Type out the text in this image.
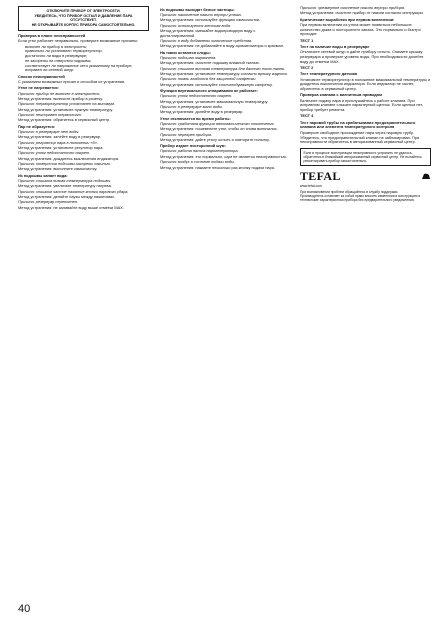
ОТКЛЮЧИТЕ ПРИБОР ОТ ЭЛЕКТРОСЕТИ.

УБЕДИТЕСЬ, ЧТО ПРИБОР ОСТЫЛ И ДАВЛЕНИЕ ПАРА ОТСУТСТВУЕТ.

НЕ ОТКРЫВАЙТЕ КОРПУС ПРИБОРА САМОСТОЯТЕЛЬНО.

Проверка в плане неисправностей

Если утюг работает неправильно, проверьте возможные причины:

• включен ли прибор в электросеть;
• правильно ли установлен терморегулятор;
• достаточно ли воды в резервуаре;
• не засорены ли отверстия подошвы;
• соответствует ли напряжение сети указанному на приборе;
• исправен ли сетевой шнур.

Список неисправностей

С указанием возможных причин и способов их устранения.

Утюг не нагревается:

Причина: прибор не включен в электросеть.

Метод устранения: включите прибор в розетку.

Причина: терморегулятор установлен на минимум.

Метод устранения: установите нужную температуру.

Причина: неисправен термостат.

Метод устранения: обратитесь в сервисный центр.

Пар не образуется:

Причина: в резервуаре нет воды.

Метод устранения: залейте воду в резервуар.

Причина: регулятор пара в положении «0».

Метод устранения: установите регулятор пара.

Причина: утюг недостаточно нагрет.

Метод устранения: дождитесь выключения индикатора.

Причина: отверстия подошвы засорены накипью.

Метод устранения: выполните самоочистку.

Из подошвы капает вода:

Причина: слишком низкая температура подошвы.

Метод устранения: увеличьте температуру нагрева.

Причина: слишком частое нажатие кнопки парового удара.

Метод устранения: делайте паузы между нажатиями.

Причина: резервуар переполнен.

Метод устранения: не заливайте воду выше отметки MAX.

Из подошвы выходят белые частицы:

Причина: накопление накипи внутри утюга.

Метод устранения: используйте функцию самоочистки.

Причина: используется жесткая вода.

Метод устранения: смешайте водопроводную воду с дистиллированной.

Причина: в воду добавлены химические средства.

Метод устранения: не добавляйте в воду ароматизаторы и крахмал.

На ткани остаются следы:

Причина: подошва загрязнена.

Метод устранения: очистите подошву влажной тканью.

Причина: слишком высокая температура для данного типа ткани.

Метод устранения: установите температуру согласно ярлыку изделия.

Причина: ткань гладится без защитной салфетки.

Метод устранения: используйте хлопчатобумажную салфетку.

Функция вертикального отпаривания не работает:

Причина: утюг недостаточно нагрет.

Метод устранения: установите максимальную температуру.

Причина: в резервуаре мало воды.

Метод устранения: долейте воду в резервуар.

Утюг отключается во время работы:

Причина: сработала функция автоматического отключения.

Метод устранения: пошевелите утюг, чтобы он снова включился.

Причина: перегрев прибора.

Метод устранения: дайте утюгу остыть и повторите попытку.

Прибор издает посторонний шум:

Причина: работа насоса парогенератора.

Метод устранения: это нормально, шум не является неисправностью.

Причина: воздух в системе подачи воды.

Метод устранения: нажмите несколько раз кнопку подачи пара.

Причина: чрезмерное скопление накипи внутри прибора.

Метод устранения: очистите прибор от накипи согласно инструкции.

Критические выработки при первом включении:

При первом включении из утюга может появиться небольшое количество дыма и постороннего запаха. Это нормально и быстро проходит.

ТЕСТ 1

Тест на наличие воды в резервуаре

Отключите сетевой шнур и дайте прибору остыть. Снимите крышку резервуара и проверьте уровень воды. При необходимости долейте воду до отметки MAX.

ТЕСТ 2

Тест температурного датчика

Установите терморегулятор в положение максимальной температуры и дождитесь выключения индикатора. Если индикатор не гаснет, обратитесь в сервисный центр.

Проверка клапана с магнитным приводом

Включите подачу пара и прислушайтесь к работе клапана. При исправном клапане слышен характерный щелчок. Если щелчка нет, прибор требует ремонта.

ТЕСТ 4

Тест паровой трубы на срабатывание предохранительного клапана или элемента температурного контроля

Проверьте свободное прохождение пара через паровую трубу. Убедитесь, что предохранительный клапан не заблокирован. При неисправности обратитесь в авторизованный сервисный центр.

Если в процессе эксплуатации неисправность устранить не удалось, обратитесь в ближайший авторизованный сервисный центр. Не пытайтесь ремонтировать прибор самостоятельно.

TEFAL

www.tefal.com

При возникновении проблем обращайтесь в службу поддержки.

Производитель оставляет за собой право вносить изменения в конструкцию и технические характеристики прибора без предварительного уведомления.

40
